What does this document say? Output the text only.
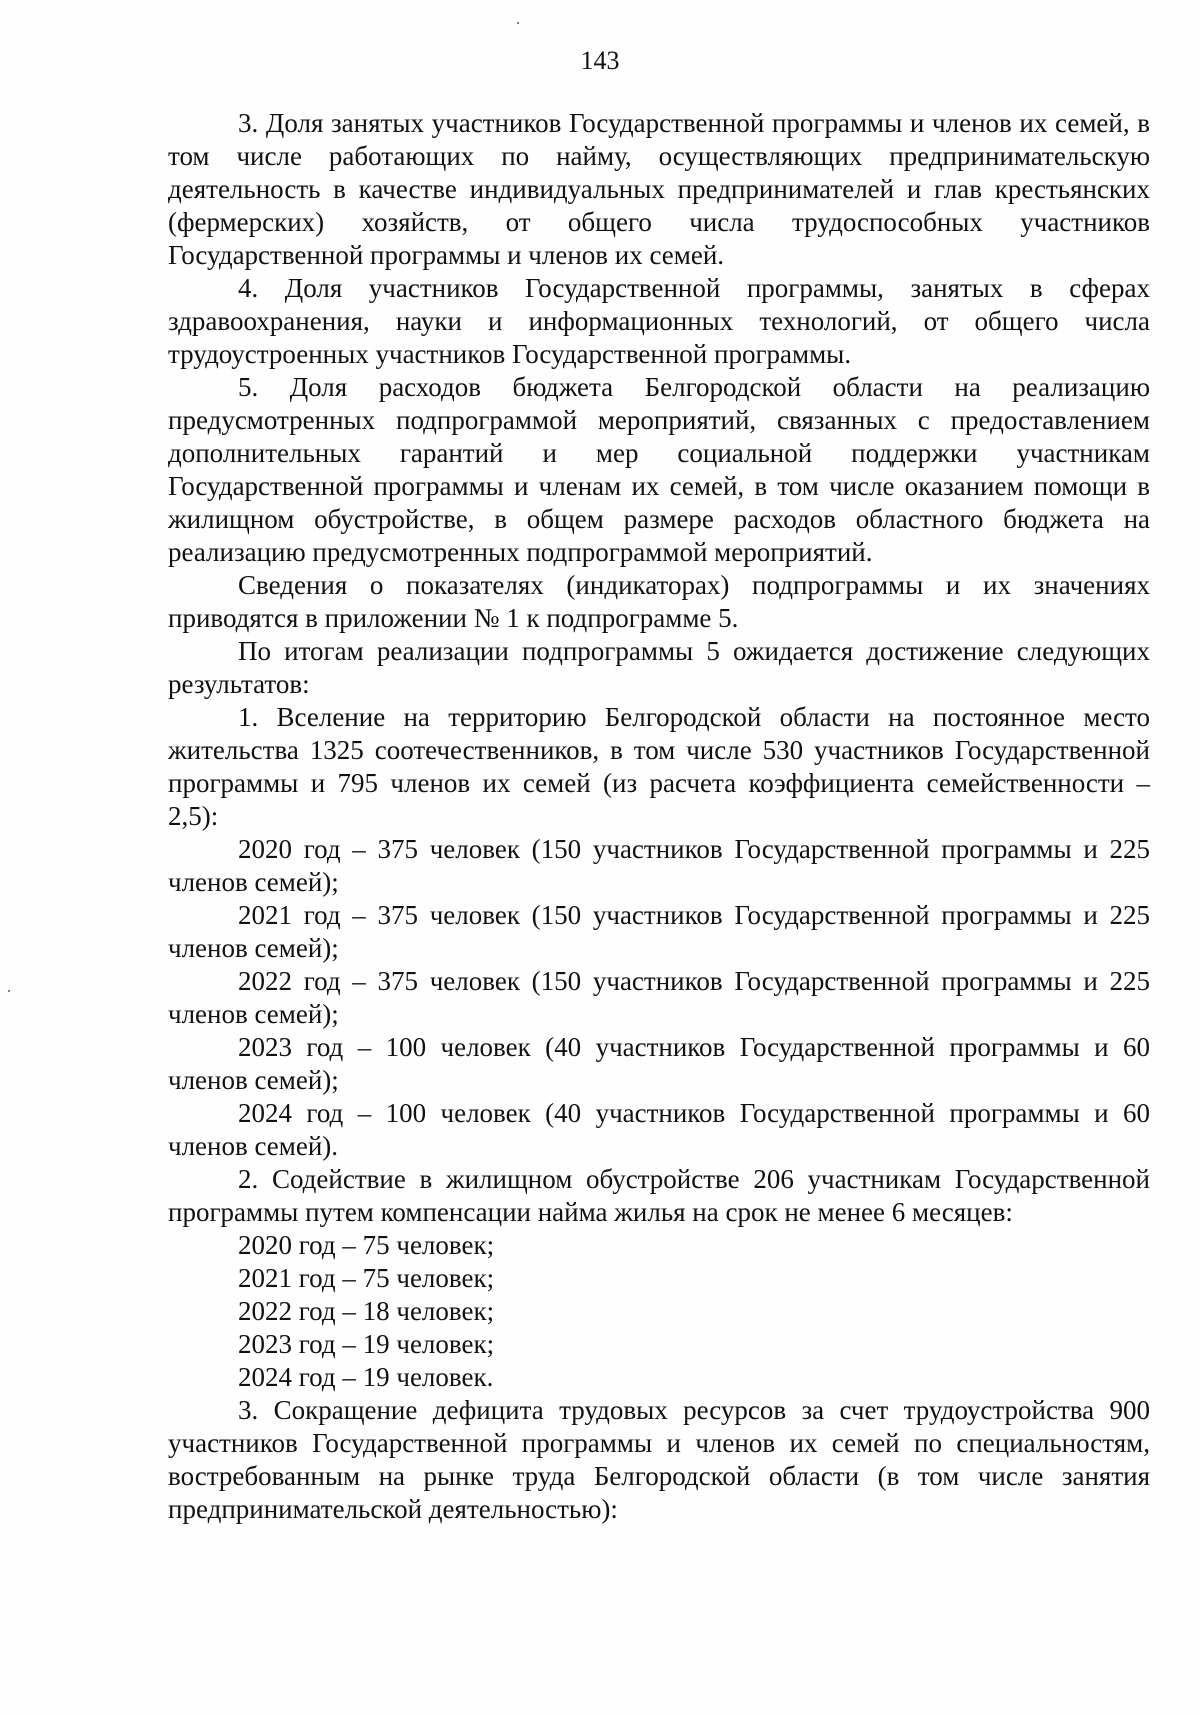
143

3. Доля занятых участников Государственной программы и членов их семей, в том числе работающих по найму, осуществляющих предпринимательскую деятельность в качестве индивидуальных предпринимателей и глав крестьянских (фермерских) хозяйств, от общего числа трудоспособных участников Государственной программы и членов их семей.

4. Доля участников Государственной программы, занятых в сферах здравоохранения, науки и информационных технологий, от общего числа трудоустроенных участников Государственной программы.

5. Доля расходов бюджета Белгородской области на реализацию предусмотренных подпрограммой мероприятий, связанных с предоставлением дополнительных гарантий и мер социальной поддержки участникам Государственной программы и членам их семей, в том числе оказанием помощи в жилищном обустройстве, в общем размере расходов областного бюджета на реализацию предусмотренных подпрограммой мероприятий.

Сведения о показателях (индикаторах) подпрограммы и их значениях приводятся в приложении № 1 к подпрограмме 5.

По итогам реализации подпрограммы 5 ожидается достижение следующих результатов:

1. Вселение на территорию Белгородской области на постоянное место жительства 1325 соотечественников, в том числе 530 участников Государственной программы и 795 членов их семей (из расчета коэффициента семейственности – 2,5):

2020 год – 375 человек (150 участников Государственной программы и 225 членов семей);

2021 год – 375 человек (150 участников Государственной программы и 225 членов семей);

2022 год – 375 человек (150 участников Государственной программы и 225 членов семей);

2023 год – 100 человек (40 участников Государственной программы и 60 членов семей);

2024 год – 100 человек (40 участников Государственной программы и 60 членов семей).

2. Содействие в жилищном обустройстве 206 участникам Государственной программы путем компенсации найма жилья на срок не менее 6 месяцев:

2020 год – 75 человек;

2021 год – 75 человек;

2022 год – 18 человек;

2023 год – 19 человек;

2024 год – 19 человек.

3. Сокращение дефицита трудовых ресурсов за счет трудоустройства 900 участников Государственной программы и членов их семей по специальностям, востребованным на рынке труда Белгородской области (в том числе занятия предпринимательской деятельностью):
